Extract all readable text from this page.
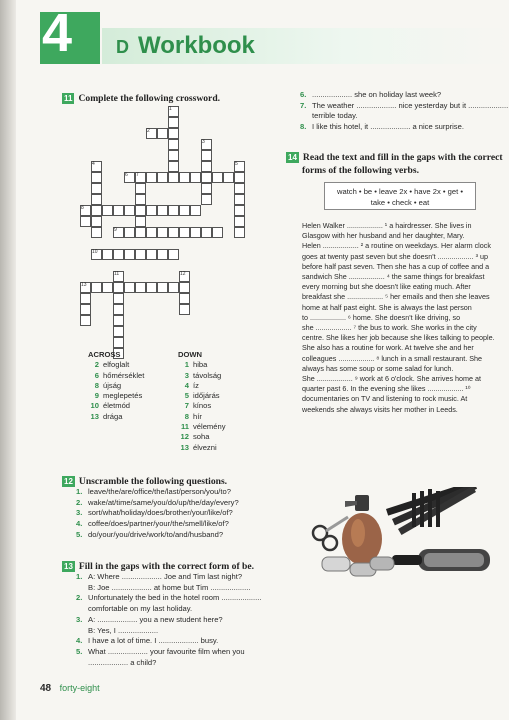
4 D Workbook
11 Complete the following crossword.
1
2
3
4	5
6 7
8
9
10
11	12
13
ACROSS
2 elfoglalt
6 hőmérséklet
8 újság
9 meglepetés
10 életmód
13 drága
DOWN
1 hiba
3 távolság
4 íz
5 időjárás
7 kínos
8 hír
11 vélemény
12 soha
13 élvezni
12 Unscramble the following questions.
1. leave/the/are/office/the/last/person/you/to?
2. wake/at/time/same/you/do/up/the/day/every?
3. sort/what/holiday/does/brother/your/like/of?
4. coffee/does/partner/your/the/smell/like/of?
5. do/your/you/drive/work/to/and/husband?
13 Fill in the gaps with the correct form of be.
1. A: Where ................... Joe and Tim last night?
B: Joe ................... at home but Tim ...................
2. Unfortunately the bed in the hotel room ...................
comfortable on my last holiday.
3. A: ................... you a new student here?
B: Yes, I ...................
4. I have a lot of time. I ................... busy.
5. What ................... your favourite film when you
................... a child?
6. ................... she on holiday last week?
7. The weather ................... nice yesterday but it ...................
terrible today.
8. I like this hotel, it ................... a nice surprise.
14 Read the text and fill in the gaps with the correct
forms of the following verbs.
watch • be • leave 2x • have 2x • get •
take • check • eat
Helen Walker .................. ¹ a hairdresser. She lives in
Glasgow with her husband and her daughter, Mary.
Helen .................. ² a routine on weekdays. Her alarm clock
goes at twenty past seven but she doesn't .................. ³ up
before half past seven. Then she has a cup of coffee and a
sandwich She .................. ⁴ the same things for breakfast
every morning but she doesn't like eating much. After
breakfast she .................. ⁵ her emails and then she leaves
home at half past eight. She is always the last person
to .................. ⁶ home. She doesn't like driving, so
she .................. ⁷ the bus to work. She works in the city
centre. She likes her job because she likes talking to people.
She also has a routine for work. At twelve she and her
colleagues .................. ⁸ lunch in a small restaurant. She
always has some soup or some salad for lunch.
She .................. ⁹ work at 6 o'clock. She arrives home at
quarter past 6. In the evening she likes .................. ¹⁰
documentaries on TV and listening to rock music. At
weekends she always visits her mother in Leeds.
48 forty-eight
